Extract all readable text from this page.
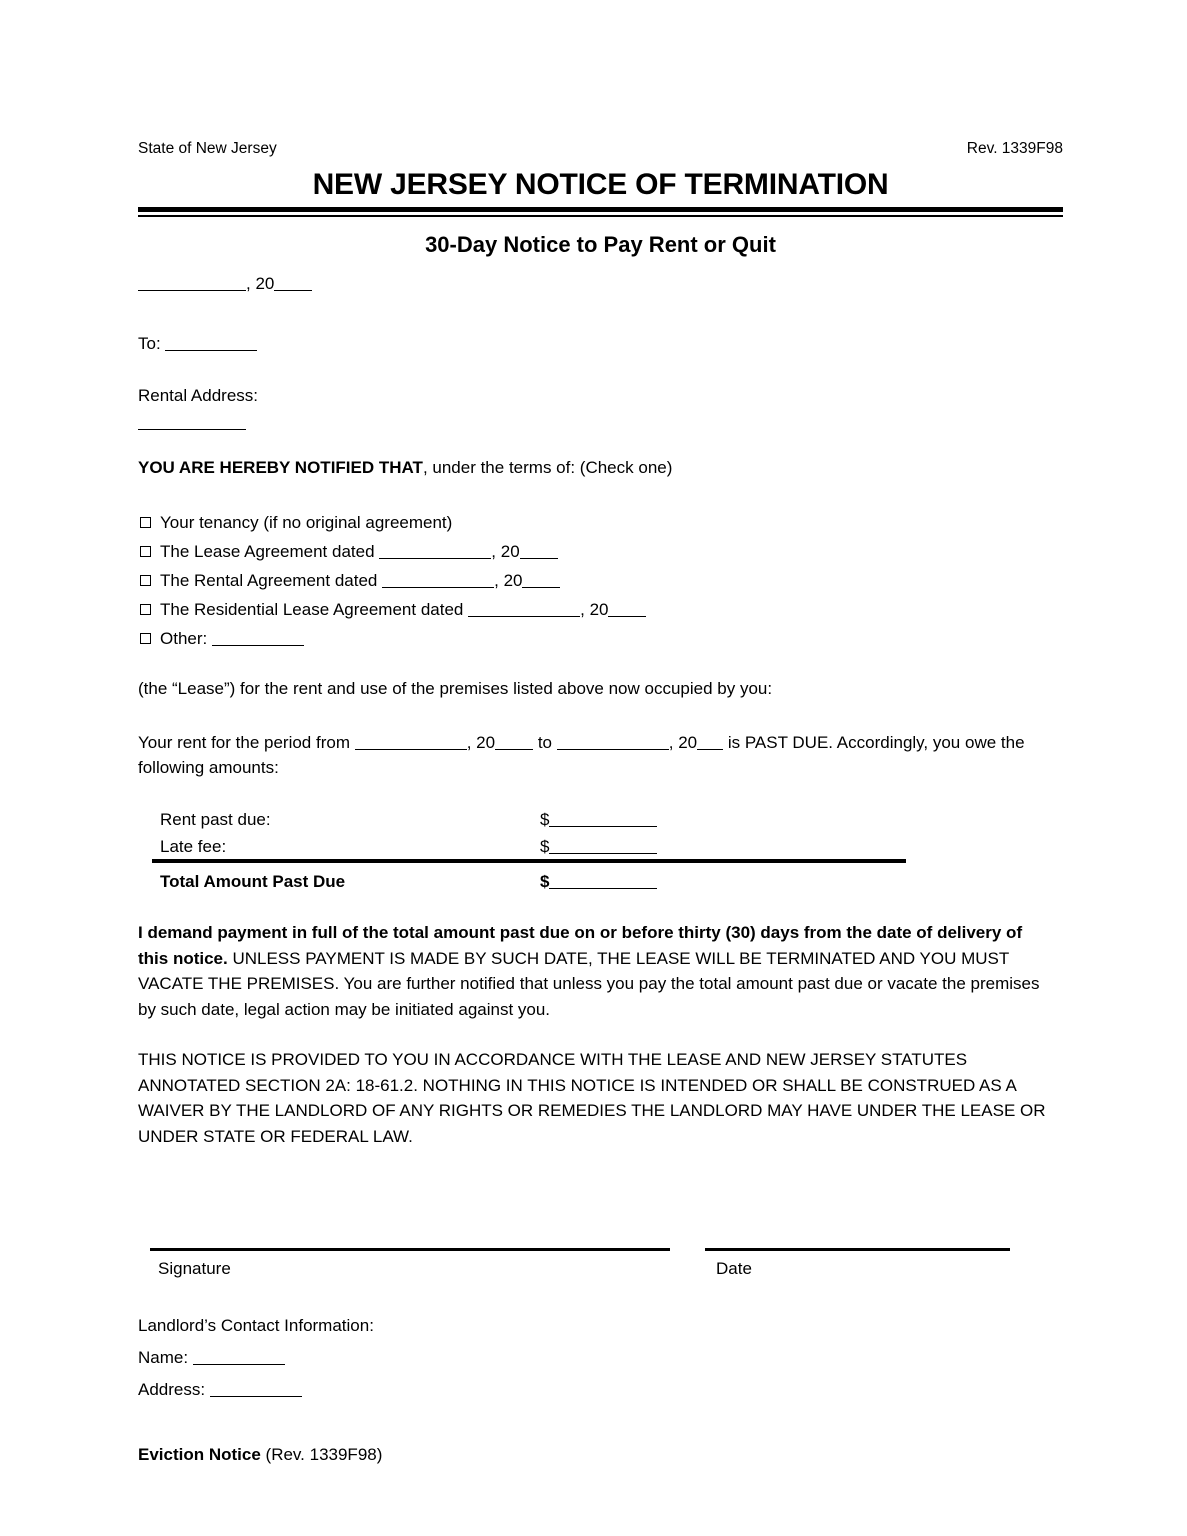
State of New Jersey	Rev. 1339F98
NEW JERSEY NOTICE OF TERMINATION
30-Day Notice to Pay Rent or Quit
, 20
To:
Rental Address:
YOU ARE HEREBY NOTIFIED THAT, under the terms of: (Check one)
Your tenancy (if no original agreement)
The Lease Agreement dated	, 20
The Rental Agreement dated	, 20
The Residential Lease Agreement dated	, 20
Other:
(the “Lease”) for the rent and use of the premises listed above now occupied by you:
Your rent for the period from	, 20	to	, 20 is PAST DUE. Accordingly, you owe the following amounts:
Rent past due:	$
Late fee:	$
Total Amount Past Due	$
I demand payment in full of the total amount past due on or before thirty (30) days from the date of delivery of this notice. UNLESS PAYMENT IS MADE BY SUCH DATE, THE LEASE WILL BE TERMINATED AND YOU MUST VACATE THE PREMISES. You are further notified that unless you pay the total amount past due or vacate the premises by such date, legal action may be initiated against you.
THIS NOTICE IS PROVIDED TO YOU IN ACCORDANCE WITH THE LEASE AND NEW JERSEY STATUTES ANNOTATED SECTION 2A: 18-61.2. NOTHING IN THIS NOTICE IS INTENDED OR SHALL BE CONSTRUED AS A WAIVER BY THE LANDLORD OF ANY RIGHTS OR REMEDIES THE LANDLORD MAY HAVE UNDER THE LEASE OR UNDER STATE OR FEDERAL LAW.
Signature	Date
Landlord’s Contact Information:
Name:
Address:
Eviction Notice (Rev. 1339F98)
